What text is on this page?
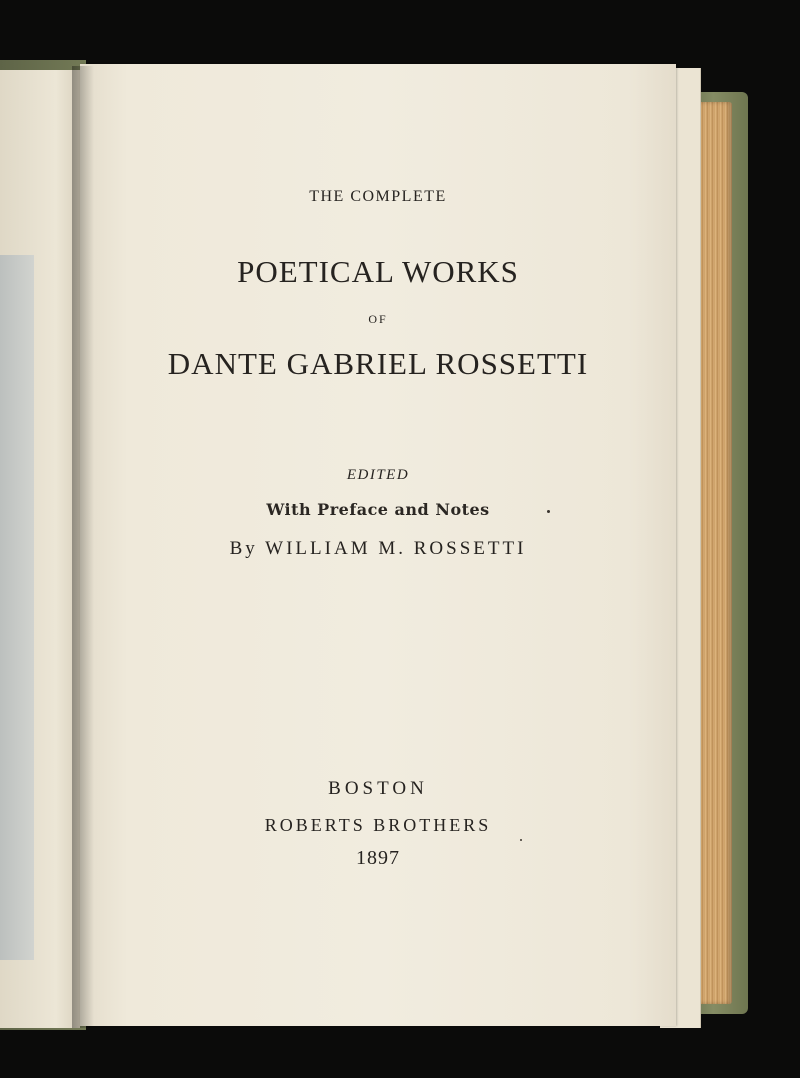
THE COMPLETE
POETICAL WORKS
OF
DANTE GABRIEL ROSSETTI
EDITED
With Preface and Notes
By WILLIAM M. ROSSETTI
BOSTON
ROBERTS BROTHERS
1897
